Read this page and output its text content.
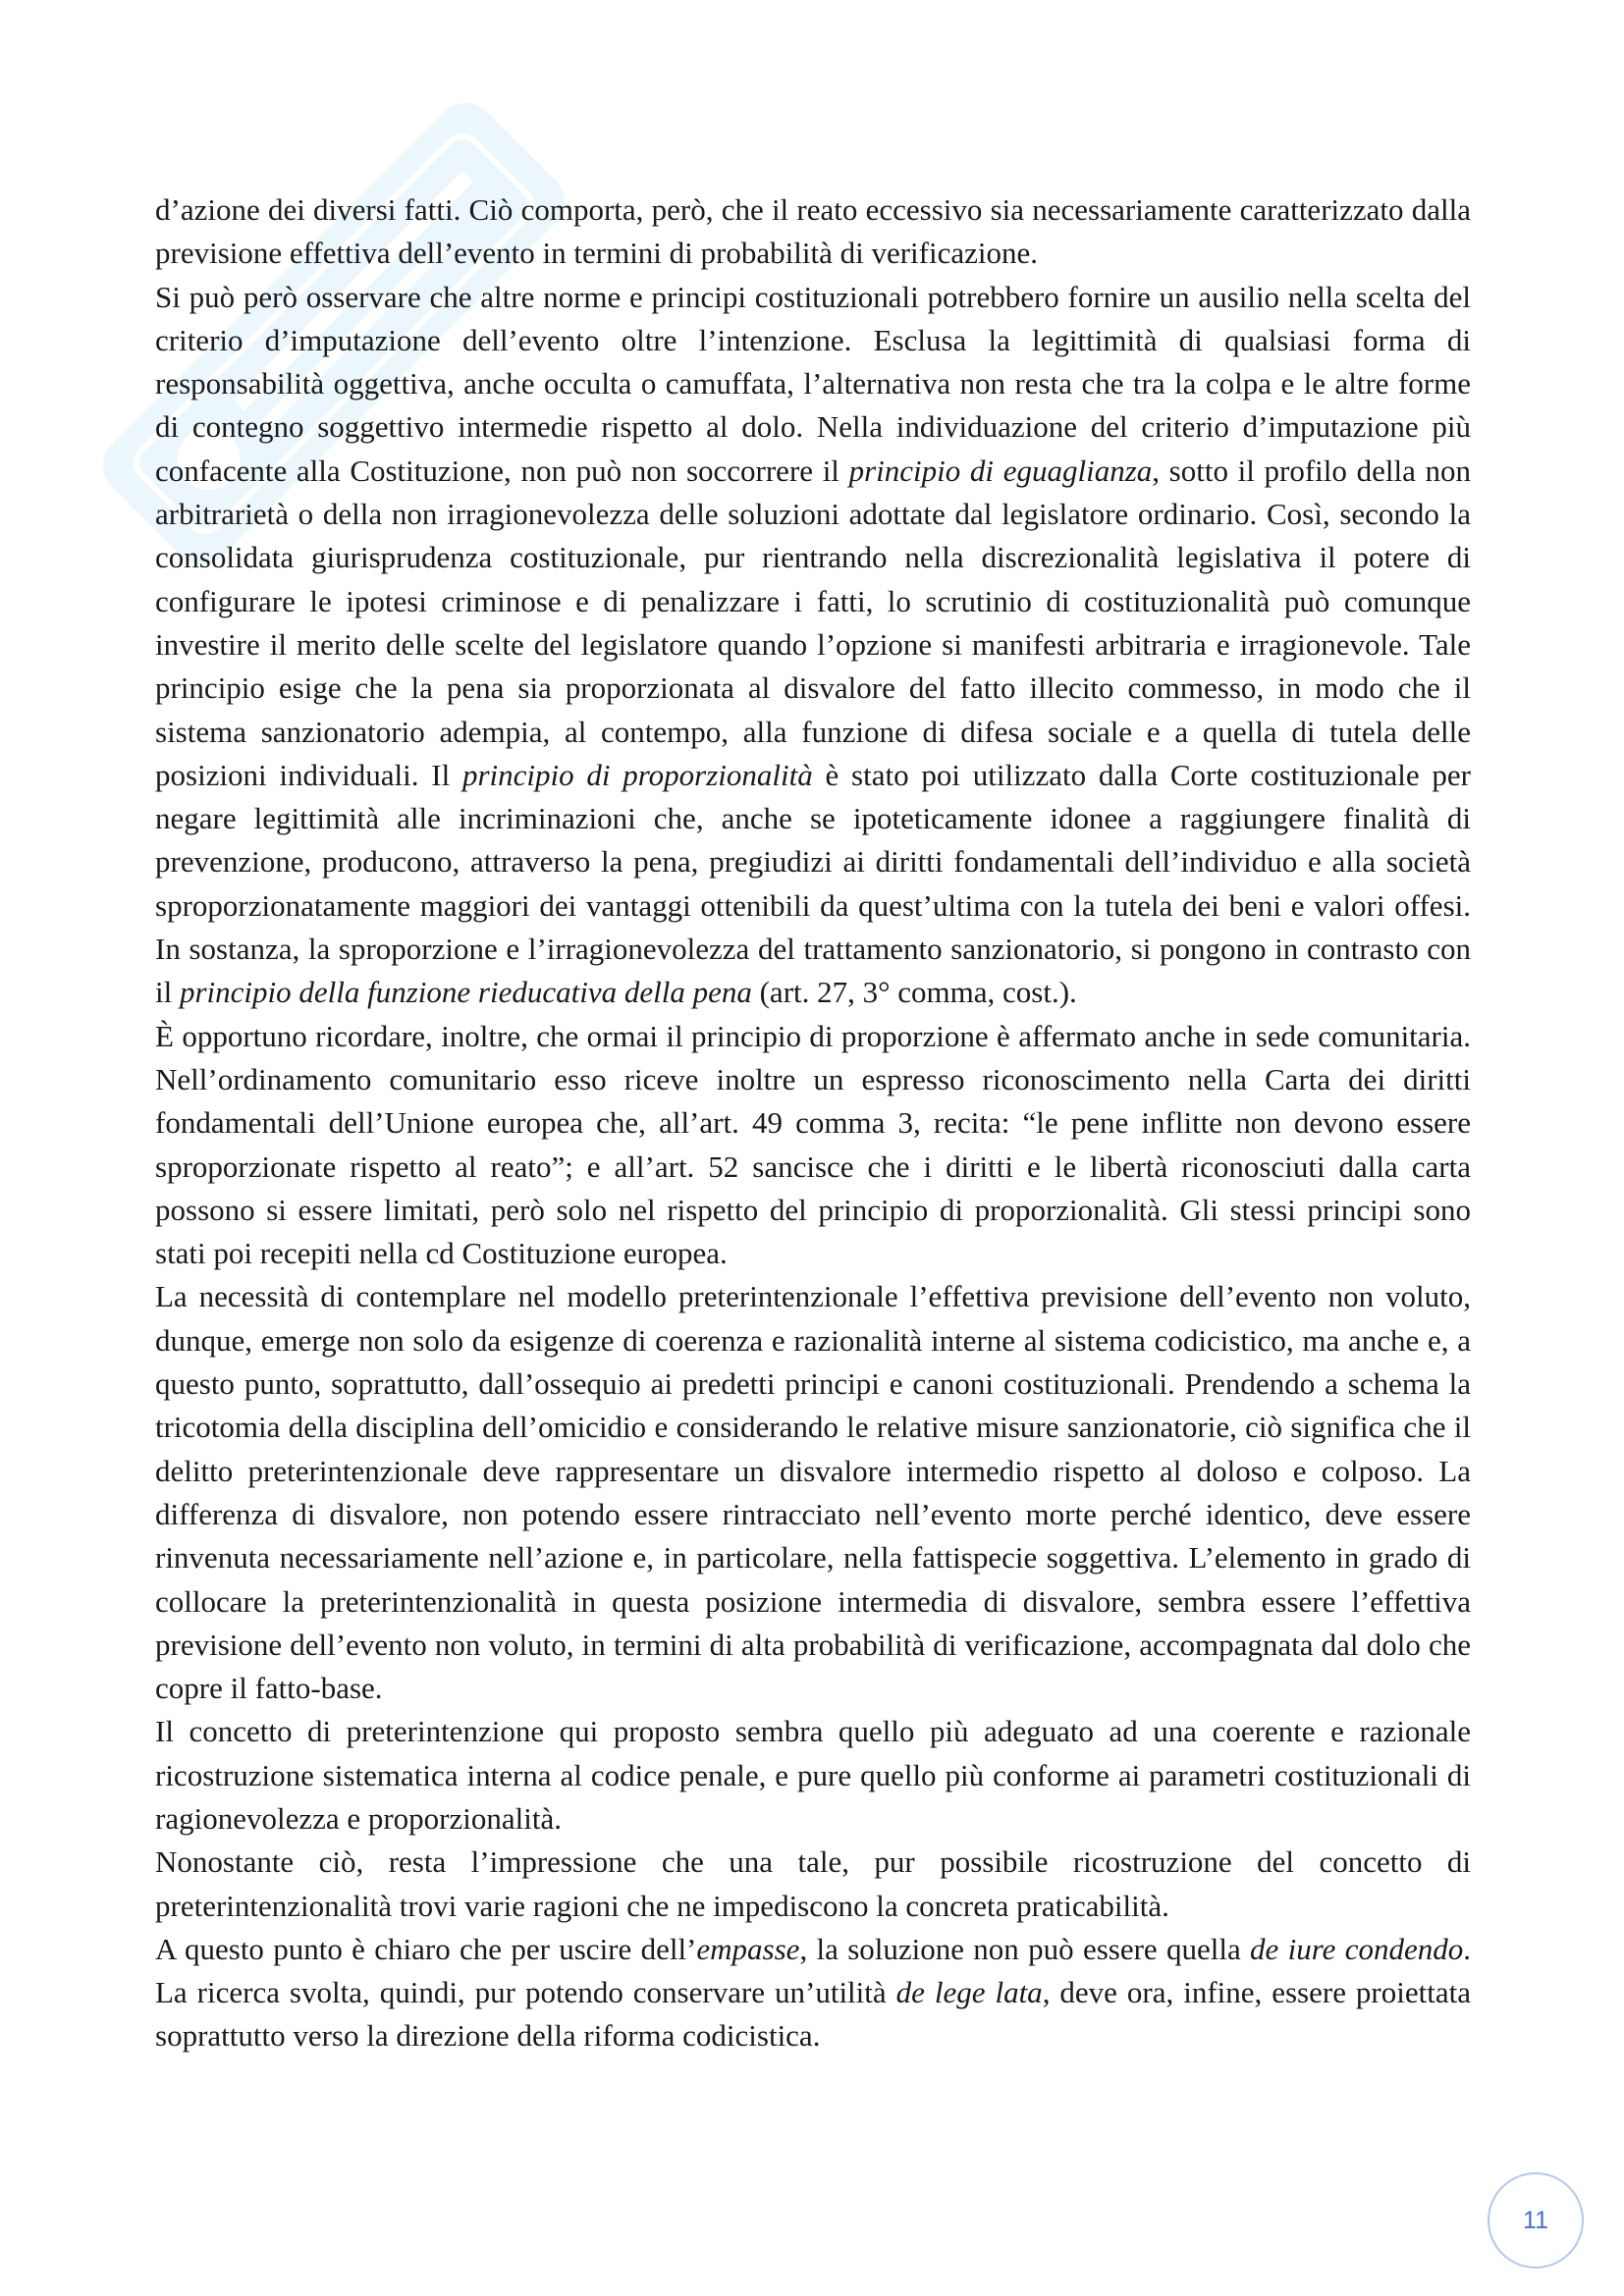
d’azione dei diversi fatti. Ciò comporta, però, che il reato eccessivo sia necessariamente caratterizzato dalla previsione effettiva dell’evento in termini di probabilità di verificazione.

Si può però osservare che altre norme e principi costituzionali potrebbero fornire un ausilio nella scelta del criterio d’imputazione dell’evento oltre l’intenzione. Esclusa la legittimità di qualsiasi forma di responsabilità oggettiva, anche occulta o camuffata, l’alternativa non resta che tra la colpa e le altre forme di contegno soggettivo intermedie rispetto al dolo. Nella individuazione del criterio d’imputazione più confacente alla Costituzione, non può non soccorrere il principio di eguaglianza, sotto il profilo della non arbitrarietà o della non irragionevolezza delle soluzioni adottate dal legislatore ordinario. Così, secondo la consolidata giurisprudenza costituzionale, pur rientrando nella discrezionalità legislativa il potere di configurare le ipotesi criminose e di penalizzare i fatti, lo scrutinio di costituzionalità può comunque investire il merito delle scelte del legislatore quando l’opzione si manifesti arbitraria e irragionevole. Tale principio esige che la pena sia proporzionata al disvalore del fatto illecito commesso, in modo che il sistema sanzionatorio adempia, al contempo, alla funzione di difesa sociale e a quella di tutela delle posizioni individuali. Il principio di proporzionalità è stato poi utilizzato dalla Corte costituzionale per negare legittimità alle incriminazioni che, anche se ipoteticamente idonee a raggiungere finalità di prevenzione, producono, attraverso la pena, pregiudizi ai diritti fondamentali dell’individuo e alla società sproporzionatamente maggiori dei vantaggi ottenibili da quest’ultima con la tutela dei beni e valori offesi. In sostanza, la sproporzione e l’irragionevolezza del trattamento sanzionatorio, si pongono in contrasto con il principio della funzione rieducativa della pena (art. 27, 3° comma, cost.).

È opportuno ricordare, inoltre, che ormai il principio di proporzione è affermato anche in sede comunitaria. Nell’ordinamento comunitario esso riceve inoltre un espresso riconoscimento nella Carta dei diritti fondamentali dell’Unione europea che, all’art. 49 comma 3, recita: “le pene inflitte non devono essere sproporzionate rispetto al reato”; e all’art. 52 sancisce che i diritti e le libertà riconosciuti dalla carta possono si essere limitati, però solo nel rispetto del principio di proporzionalità. Gli stessi principi sono stati poi recepiti nella cd Costituzione europea.

La necessità di contemplare nel modello preterintenzionale l’effettiva previsione dell’evento non voluto, dunque, emerge non solo da esigenze di coerenza e razionalità interne al sistema codicistico, ma anche e, a questo punto, soprattutto, dall’ossequio ai predetti principi e canoni costituzionali. Prendendo a schema la tricotomia della disciplina dell’omicidio e considerando le relative misure sanzionatorie, ciò significa che il delitto preterintenzionale deve rappresentare un disvalore intermedio rispetto al doloso e colposo. La differenza di disvalore, non potendo essere rintracciato nell’evento morte perché identico, deve essere rinvenuta necessariamente nell’azione e, in particolare, nella fattispecie soggettiva. L’elemento in grado di collocare la preterintenzionalità in questa posizione intermedia di disvalore, sembra essere l’effettiva previsione dell’evento non voluto, in termini di alta probabilità di verificazione, accompagnata dal dolo che copre il fatto-base.

Il concetto di preterintenzione qui proposto sembra quello più adeguato ad una coerente e razionale ricostruzione sistematica interna al codice penale, e pure quello più conforme ai parametri costituzionali di ragionevolezza e proporzionalità.

Nonostante ciò, resta l’impressione che una tale, pur possibile ricostruzione del concetto di preterintenzionalità trovi varie ragioni che ne impediscono la concreta praticabilità.

A questo punto è chiaro che per uscire dell’empasse, la soluzione non può essere quella de iure condendo. La ricerca svolta, quindi, pur potendo conservare un’utilità de lege lata, deve ora, infine, essere proiettata soprattutto verso la direzione della riforma codicistica.

11
